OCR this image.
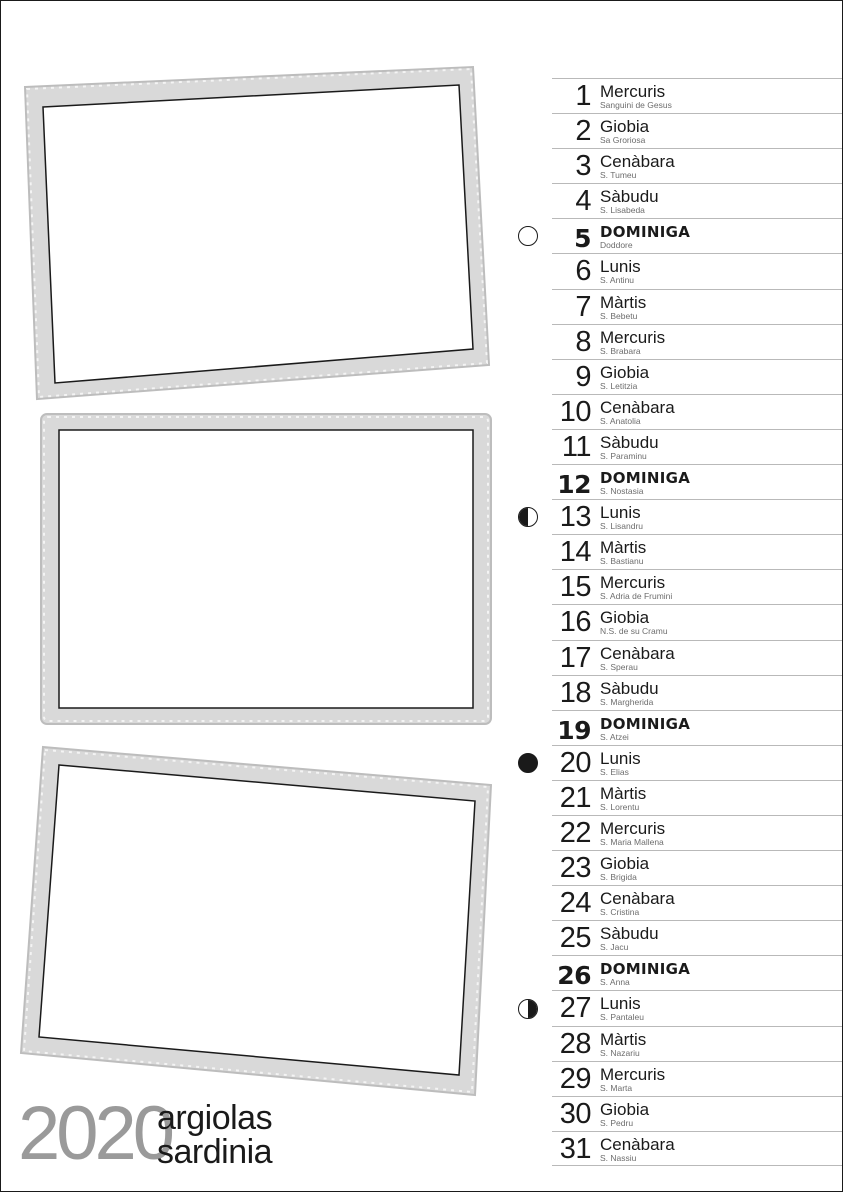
1 Mercuris
Sanguini de Gesus
2 Giobia
Sa Groriosa
3 Cenàbara
S. Tumeu
4 Sàbudu
S. Lisabeda
5 DOMINIGA
Doddore
6 Lunis
S. Antinu
7 Màrtis
S. Bebetu
8 Mercuris
S. Brabara
9 Giobia
S. Letitzia
10 Cenàbara
S. Anatolia
11 Sàbudu
S. Paraminu
12 DOMINIGA
S. Nostasia
13 Lunis
S. Lisandru
14 Màrtis
S. Bastianu
15 Mercuris
S. Adria de Frumini
16 Giobia
N.S. de su Cramu
17 Cenàbara
S. Sperau
18 Sàbudu
S. Margherida
19 DOMINIGA
S. Atzei
20 Lunis
S. Elias
21 Màrtis
S. Lorentu
22 Mercuris
S. Maria Mallena
23 Giobia
S. Brigida
24 Cenàbara
S. Cristina
25 Sàbudu
S. Jacu
26 DOMINIGA
S. Anna
27 Lunis
S. Pantaleu
28 Màrtis
S. Nazariu
29 Mercuris
S. Marta
30 Giobia
S. Pedru
31 Cenàbara
S. Nassiu
2020
argiolas
sardinia
